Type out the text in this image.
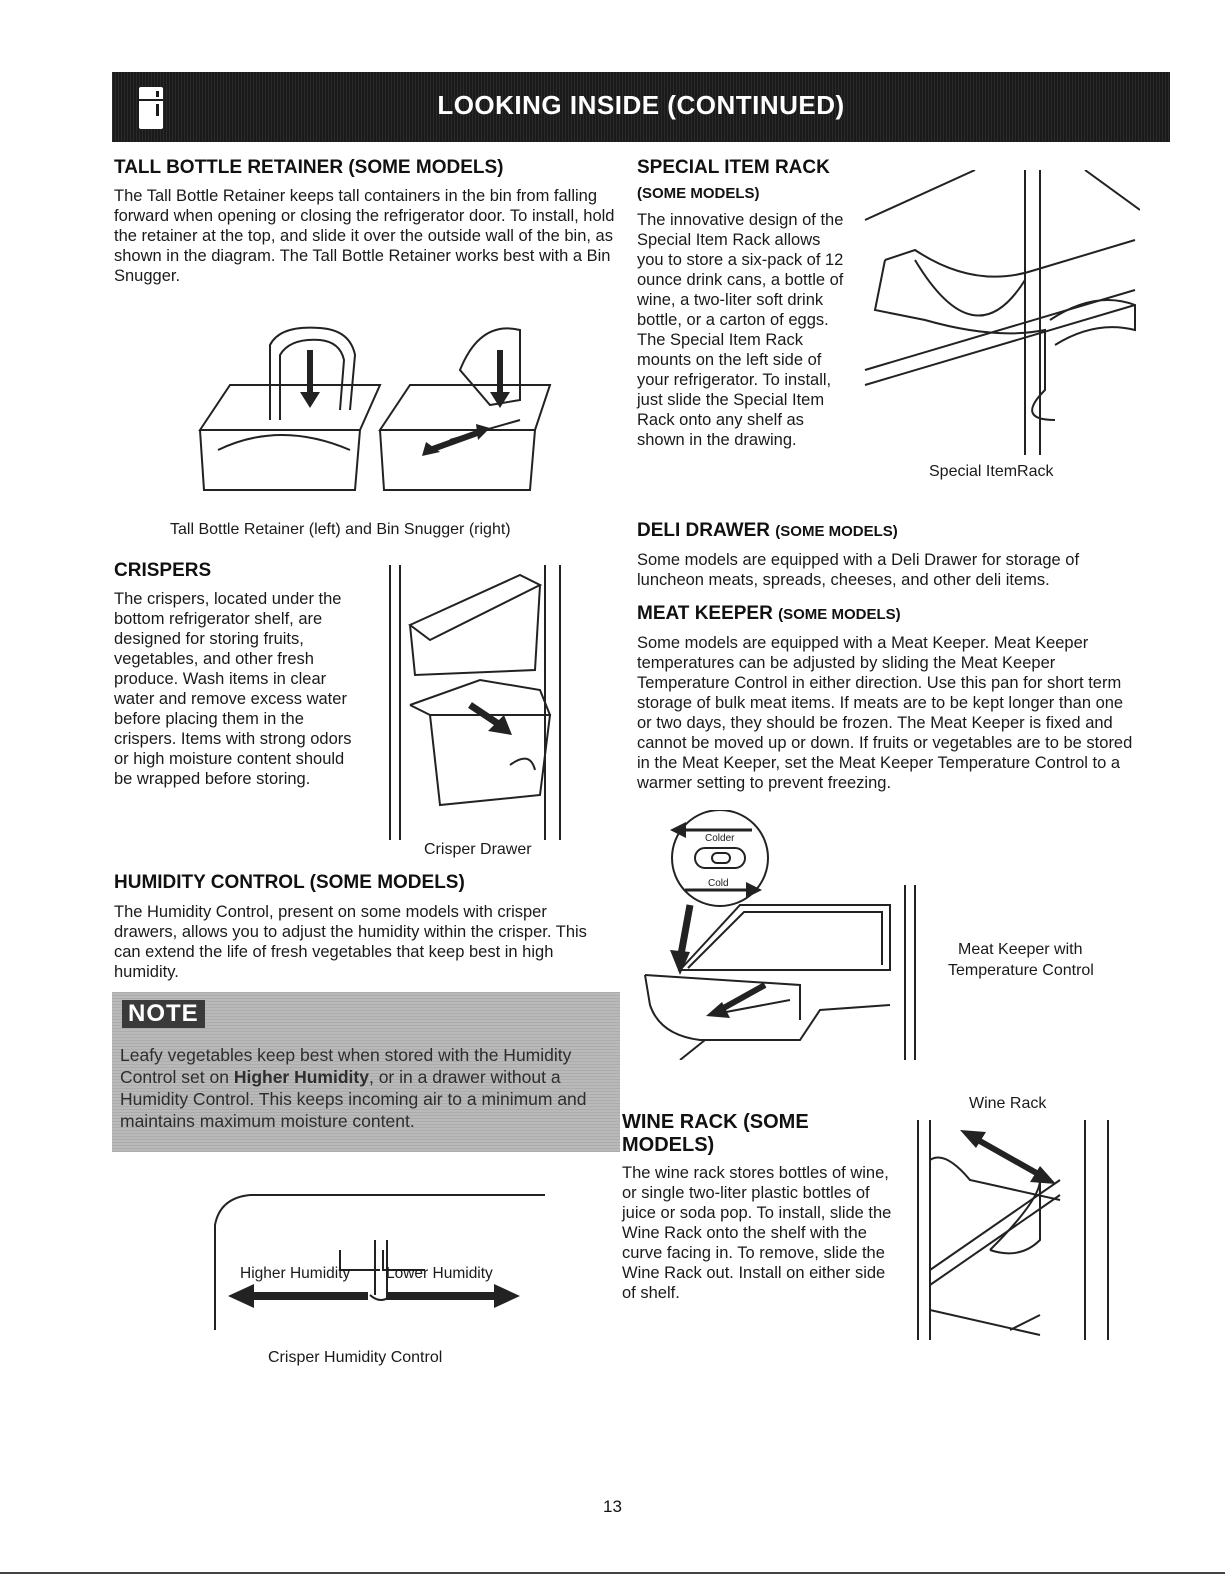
LOOKING INSIDE (CONTINUED)
TALL BOTTLE RETAINER (SOME MODELS)

The Tall Bottle Retainer keeps tall containers in the bin from falling forward when opening or closing the refrigerator door. To install, hold the retainer at the top, and slide it over the outside wall of the bin, as shown in the diagram. The Tall Bottle Retainer works best with a Bin Snugger.

Tall Bottle Retainer (left) and Bin Snugger (right)
CRISPERS

The crispers, located under the bottom refrigerator shelf, are designed for storing fruits, vegetables, and other fresh produce. Wash items in clear water and remove excess water before placing them in the crispers. Items with strong odors or high moisture content should be wrapped before storing.

Crisper Drawer
HUMIDITY CONTROL (SOME MODELS)

The Humidity Control, present on some models with crisper drawers, allows you to adjust the humidity within the crisper. This can extend the life of fresh vegetables that keep best in high humidity.

NOTE
Leafy vegetables keep best when stored with the Humidity Control set on Higher Humidity, or in a drawer without a Humidity Control. This keeps incoming air to a minimum and maintains maximum moisture content.
Higher Humidity Lower Humidity
Crisper Humidity Control
SPECIAL ITEM RACK
(SOME MODELS)

The innovative design of the Special Item Rack allows you to store a six-pack of 12 ounce drink cans, a bottle of wine, a two-liter soft drink bottle, or a carton of eggs. The Special Item Rack mounts on the left side of your refrigerator. To install, just slide the Special Item Rack onto any shelf as shown in the drawing.

Special ItemRack
DELI DRAWER (SOME MODELS)

Some models are equipped with a Deli Drawer for storage of luncheon meats, spreads, cheeses, and other deli items.

MEAT KEEPER (SOME MODELS)

Some models are equipped with a Meat Keeper. Meat Keeper temperatures can be adjusted by sliding the Meat Keeper Temperature Control in either direction. Use this pan for short term storage of bulk meat items. If meats are to be kept longer than one or two days, they should be frozen. The Meat Keeper is fixed and cannot be moved up or down. If fruits or vegetables are to be stored in the Meat Keeper, set the Meat Keeper Temperature Control to a warmer setting to prevent freezing.

Colder
Cold
Meat Keeper with
Temperature Control
Wine Rack
WINE RACK (SOME
MODELS)

The wine rack stores bottles of wine, or single two-liter plastic bottles of juice or soda pop. To install, slide the Wine Rack onto the shelf with the curve facing in. To remove, slide the Wine Rack out. Install on either side of shelf.

13
